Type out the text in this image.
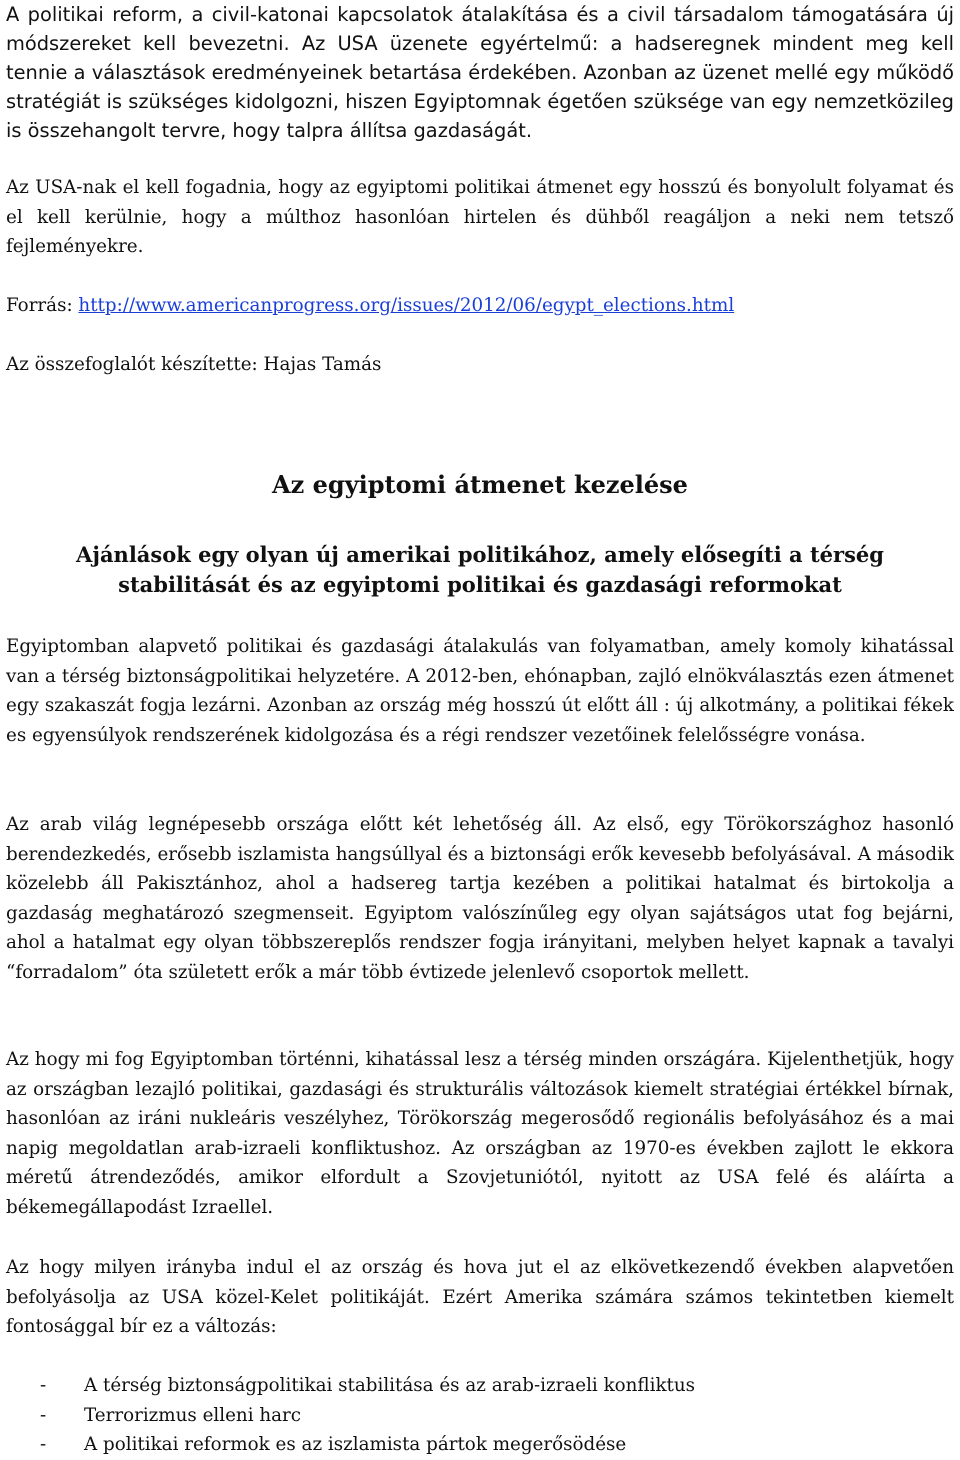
A politikai reform, a civil-katonai kapcsolatok átalakítása és a civil társadalom támogatására új módszereket kell bevezetni. Az USA üzenete egyértelmű: a hadseregnek mindent meg kell tennie a választások eredményeinek betartása érdekében. Azonban az üzenet mellé egy működő stratégiát is szükséges kidolgozni, hiszen Egyiptomnak égetően szüksége van egy nemzetközileg is összehangolt tervre, hogy talpra állítsa gazdaságát.

Az USA-nak el kell fogadnia, hogy az egyiptomi politikai átmenet egy hosszú és bonyolult folyamat és el kell kerülnie, hogy a múlthoz hasonlóan hirtelen és dühből reagáljon a neki nem tetsző fejleményekre.

Forrás: http://www.americanprogress.org/issues/2012/06/egypt_elections.html

Az összefoglalót készítette: Hajas Tamás

Az egyiptomi átmenet kezelése
Ajánlások egy olyan új amerikai politikához, amely elősegíti a térség stabilitását és az egyiptomi politikai és gazdasági reformokat

Egyiptomban alapvető politikai és gazdasági átalakulás van folyamatban, amely komoly kihatással van a térség biztonságpolitikai helyzetére. A 2012-ben, ehónapban, zajló elnökválasztás ezen átmenet egy szakaszát fogja lezárni. Azonban az ország még hosszú út előtt áll : új alkotmány, a politikai fékek es egyensúlyok rendszerének kidolgozása és a régi rendszer vezetőinek felelősségre vonása.

Az arab világ legnépesebb országa előtt két lehetőség áll. Az első, egy Törökországhoz hasonló berendezkedés, erősebb iszlamista hangsúllyal és a biztonsági erők kevesebb befolyásával. A második közelebb áll Pakisztánhoz, ahol a hadsereg tartja kezében a politikai hatalmat és birtokolja a gazdaság meghatározó szegmenseit. Egyiptom valószínűleg egy olyan sajátságos utat fog bejárni, ahol a hatalmat egy olyan többszereplős rendszer fogja irányitani, melyben helyet kapnak a tavalyi “forradalom” óta született erők a már több évtizede jelenlevő csoportok mellett.

Az hogy mi fog Egyiptomban történni, kihatással lesz a térség minden országára. Kijelenthetjük, hogy az országban lezajló politikai, gazdasági és strukturális változások kiemelt stratégiai értékkel bírnak, hasonlóan az iráni nukleáris veszélyhez, Törökország megerosődő regionális befolyásához és a mai napig megoldatlan arab-izraeli konfliktushoz. Az országban az 1970-es években zajlott le ekkora méretű átrendeződés, amikor elfordult a Szovjetuniótól, nyitott az USA felé és aláírta a békemegállapodást Izraellel.

Az hogy milyen irányba indul el az ország és hova jut el az elkövetkezendő években alapvetően befolyásolja az USA közel-Kelet politikáját. Ezért Amerika számára számos tekintetben kiemelt fontosággal bír ez a változás:

-	A térség biztonságpolitikai stabilitása és az arab-izraeli konfliktus
-	Terrorizmus elleni harc
-	A politikai reformok es az iszlamista pártok megerősödése
